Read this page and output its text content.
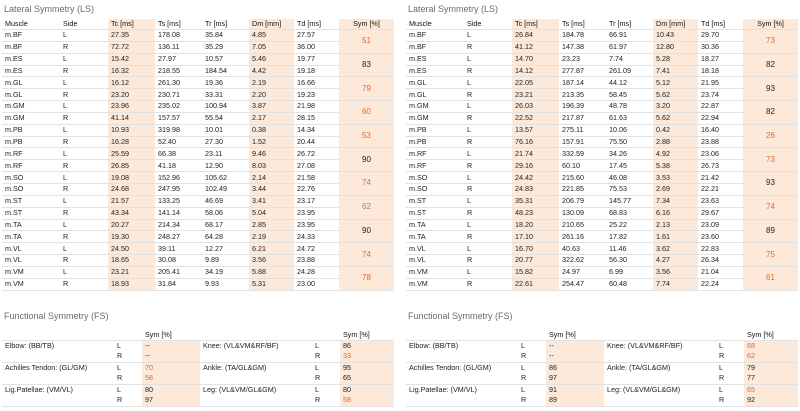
Lateral Symmetry (LS)
Muscle	Side	Tc [ms]	Ts [ms]	Tr [ms]	Dm [mm]	Td [ms]	Sym [%]
m.BF	L	27.35	178.08	35.84	4.85	27.57	51
m.BF	R	72.72	136.11	35.29	7.05	36.00	
m.ES	L	15.42	27.97	10.57	5.46	19.77	83
m.ES	R	16.32	218.55	184.54	4.42	19.18	
m.GL	L	16.12	261.30	19.36	2.19	16.66	79
m.GL	R	23.20	230.71	33.31	2.20	19.23	
m.GM	L	23.96	235.02	100.94	3.87	21.98	60
m.GM	R	41.14	157.57	55.54	2.17	28.15	
m.PB	L	10.93	319.98	10.01	0.38	14.34	53
m.PB	R	16.28	52.40	27.30	1.52	20.44	
m.RF	L	25.59	66.38	23.11	9.46	26.72	90
m.RF	R	26.85	41.18	12.90	8.03	27.08	
m.SO	L	19.08	152.96	105.62	2.14	21.58	74
m.SO	R	24.68	247.95	102.49	3.44	22.76	
m.ST	L	21.57	133.25	46.69	3.41	23.17	62
m.ST	R	43.34	141.14	58.06	5.04	23.95	
m.TA	L	20.27	214.34	68.17	2.85	23.95	90
m.TA	R	19.30	248.27	64.28	2.19	24.33	
m.VL	L	24.50	39.11	12.27	6.21	24.72	74
m.VL	R	18.65	30.08	9.89	3.56	23.88	
m.VM	L	23.21	205.41	34.19	5.88	24.28	78
m.VM	R	18.93	31.84	9.93	5.31	23.00	
Functional Symmetry (FS)
		Sym [%]			Sym [%]
Elbow: (BB/TB)	L	--	Knee: (VL&VM&RF/BF)	L	86
	R	--		R	33
Achilles Tendon: (GL/GM)	L	70	Ankle: (TA/GL&GM)	L	95
	R	58		R	65
Lig.Patellae: (VM/VL)	L	80	Leg: (VL&VM/GL&GM)	L	80
	R	97		R	58
Lateral Symmetry (LS)
Muscle	Side	Tc [ms]	Ts [ms]	Tr [ms]	Dm [mm]	Td [ms]	Sym [%]
m.BF	L	26.84	184.78	66.91	10.43	29.70	73
m.BF	R	41.12	147.38	61.97	12.80	30.36	
m.ES	L	14.70	23.23	7.74	5.28	18.27	82
m.ES	R	14.12	277.87	261.09	7.41	18.18	
m.GL	L	22.05	187.14	44.12	5.12	21.95	93
m.GL	R	23.21	213.35	58.45	5.62	23.74	
m.GM	L	26.03	196.39	48.78	3.20	22.87	82
m.GM	R	22.52	217.87	61.63	5.62	22.94	
m.PB	L	13.57	275.11	10.06	0.42	16.40	26
m.PB	R	76.16	157.91	75.50	2.88	23.88	
m.RF	L	21.74	332.59	34.26	4.92	23.06	73
m.RF	R	29.16	60.10	17.45	5.38	26.73	
m.SO	L	24.42	215.60	46.08	3.53	21.42	93
m.SO	R	24.83	221.85	75.53	2.69	22.21	
m.ST	L	35.31	206.79	145.77	7.34	23.63	74
m.ST	R	48.23	130.09	68.83	6.16	29.67	
m.TA	L	18.20	210.65	25.22	2.13	23.09	89
m.TA	R	17.10	261.16	17.82	1.61	23.60	
m.VL	L	16.70	40.63	11.46	3.62	22.83	75
m.VL	R	20.77	322.62	56.30	4.27	26.34	
m.VM	L	15.82	24.97	6.99	3.56	21.04	61
m.VM	R	22.61	254.47	60.48	7.74	22.24	
Functional Symmetry (FS)
		Sym [%]			Sym [%]
Elbow: (BB/TB)	L	--	Knee: (VL&VM&RF/BF)	L	68
	R	--		R	62
Achilles Tendon: (GL/GM)	L	86	Ankle: (TA/GL&GM)	L	79
	R	97		R	77
Lig.Patellae: (VM/VL)	L	91	Leg: (VL&VM/GL&GM)	L	65
	R	89		R	92
